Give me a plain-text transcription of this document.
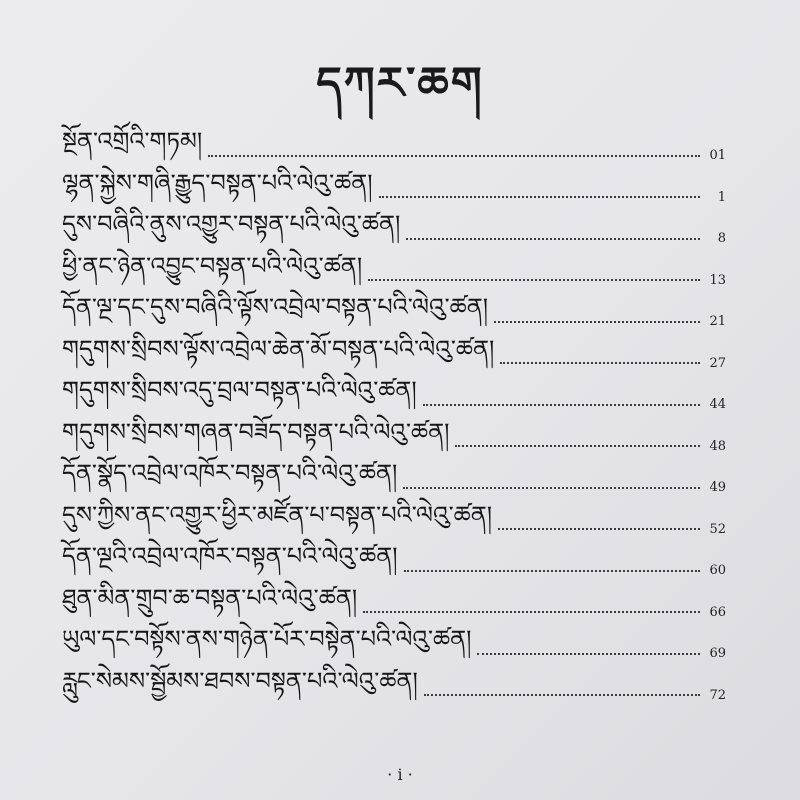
དཀར་ཆག
སྔོན་འགྲོའི་གཏམ།
01
ལྷན་སྐྱེས་གཞི་རྒྱུད་བསྟན་པའི་ལེའུ་ཚན།
1
དུས་བཞིའི་ནུས་འགྱུར་བསྟན་པའི་ལེའུ་ཚན།
8
ཕྱི་ནང་ཉེན་འབྱུང་བསྟན་པའི་ལེའུ་ཚན།
13
དོན་ལྔ་དང་དུས་བཞིའི་ལྟོས་འབྲེལ་བསྟན་པའི་ལེའུ་ཚན།
21
གདུགས་སྲིབས་ལྟོས་འབྲེལ་ཆེན་མོ་བསྟན་པའི་ལེའུ་ཚན།
27
གདུགས་སྲིབས་འདུ་བྲལ་བསྟན་པའི་ལེའུ་ཚན།
44
གདུགས་སྲིབས་གཞན་བཟོད་བསྟན་པའི་ལེའུ་ཚན།
48
དོན་སྣོད་འབྲེལ་འཁོར་བསྟན་པའི་ལེའུ་ཚན།
49
དུས་ཀྱིས་ནང་འགྱུར་ཕྱིར་མཛོན་པ་བསྟན་པའི་ལེའུ་ཚན།
52
དོན་ལྔའི་འབྲེལ་འཁོར་བསྟན་པའི་ལེའུ་ཚན།
60
ཐུན་མིན་གྲུབ་ཆ་བསྟན་པའི་ལེའུ་ཚན།
66
ཡུལ་དང་བསྟོས་ནས་གཉེན་པོར་བསྟེན་པའི་ལེའུ་ཚན།
69
རླུང་སེམས་སྦྱོམས་ཐབས་བསྟན་པའི་ལེའུ་ཚན།
72
· i ·
